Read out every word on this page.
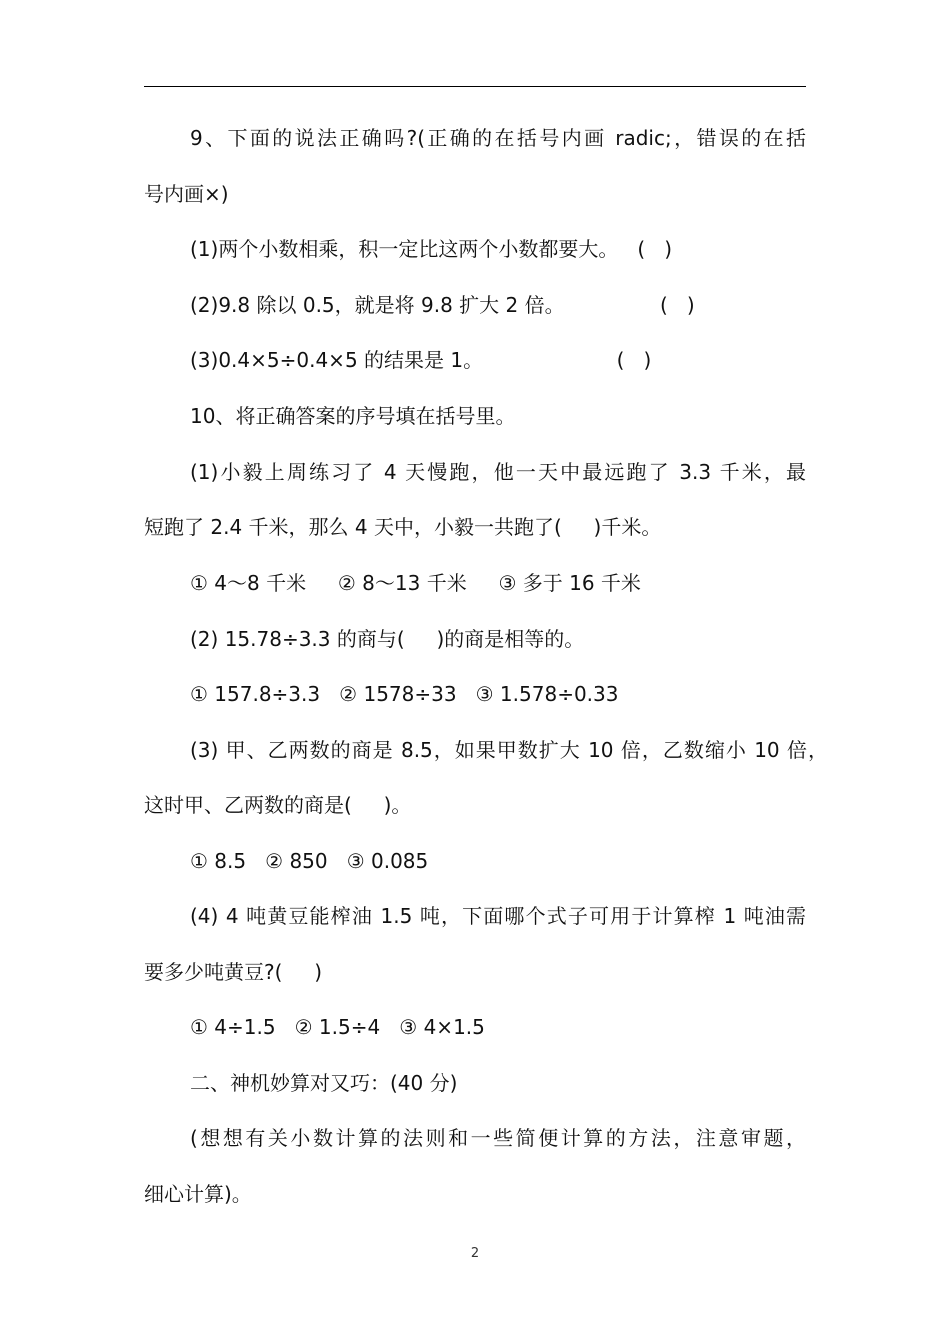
9、下面的说法正确吗?(正确的在括号内画 radic;，错误的在括
号内画×)
(1)两个小数相乘，积一定比这两个小数都要大。   (   )
(2)9.8 除以 0.5，就是将 9.8 扩大 2 倍。               (   )
(3)0.4×5÷0.4×5 的结果是 1。                     (   )
10、将正确答案的序号填在括号里。
(1)小毅上周练习了 4 天慢跑，他一天中最远跑了 3.3 千米，最
短跑了 2.4 千米，那么 4 天中，小毅一共跑了(     )千米。
① 4～8 千米     ② 8～13 千米     ③ 多于 16 千米
(2) 15.78÷3.3 的商与(     )的商是相等的。
① 157.8÷3.3   ② 1578÷33   ③ 1.578÷0.33
(3) 甲、乙两数的商是 8.5，如果甲数扩大 10 倍，乙数缩小 10 倍，
这时甲、乙两数的商是(     )。
① 8.5   ② 850   ③ 0.085
(4) 4 吨黄豆能榨油 1.5 吨，下面哪个式子可用于计算榨 1 吨油需
要多少吨黄豆?(     )
① 4÷1.5   ② 1.5÷4   ③ 4×1.5
二、神机妙算对又巧：(40 分)
(想想有关小数计算的法则和一些简便计算的方法，注意审题，
细心计算)。
2
